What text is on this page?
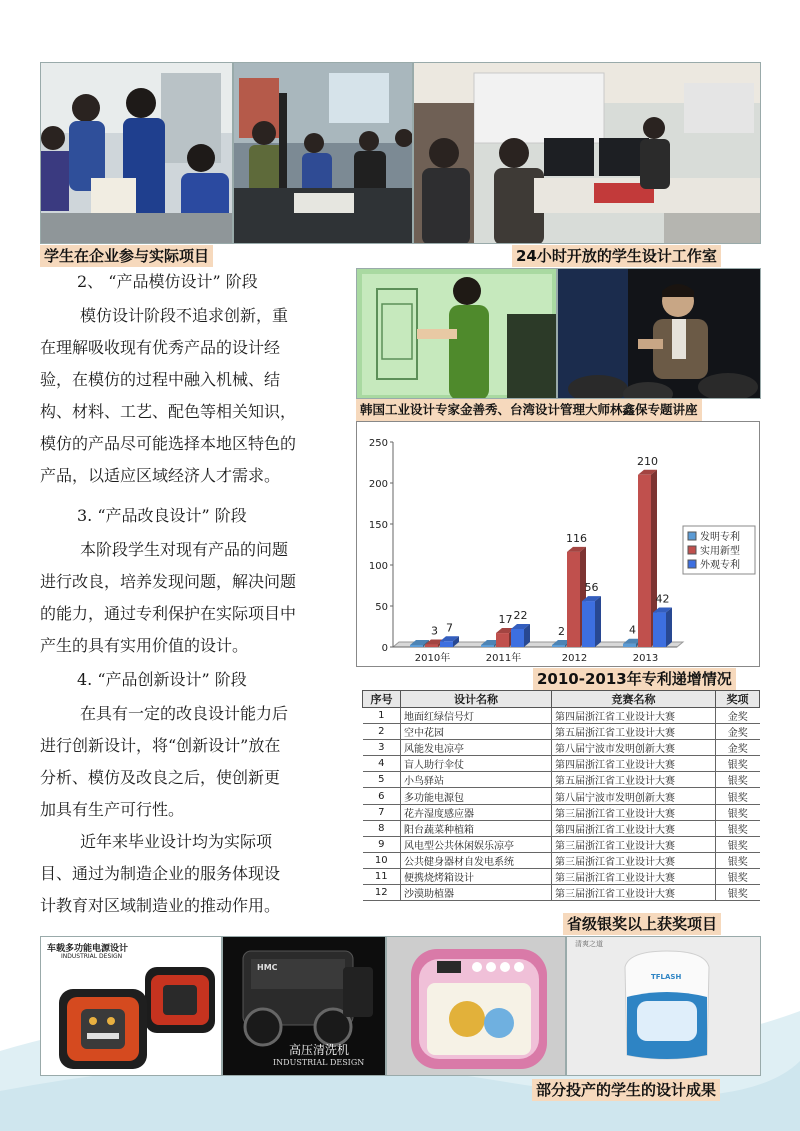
学生在企业参与实际项目	24小时开放的学生设计工作室
韩国工业设计专家金善秀、台湾设计管理大师林鑫保专题讲座
2、 “产品模仿设计” 阶段
模仿设计阶段不追求创新，重
在理解吸收现有优秀产品的设计经
验，在模仿的过程中融入机械、结
构、材料、工艺、配色等相关知识，
模仿的产品尽可能选择本地区特色的
产品，以适应区域经济人才需求。
3. “产品改良设计” 阶段
本阶段学生对现有产品的问题
进行改良，培养发现问题，解决问题
的能力，通过专利保护在实际项目中
产生的具有实用价值的设计。
4. “产品创新设计” 阶段
在具有一定的改良设计能力后
进行创新设计，将“创新设计”放在
分析、模仿及改良之后，使创新更
加具有生产可行性。
近年来毕业设计均为实际项
目、通过为制造企业的服务体现设
计教育对区域制造业的推动作用。
0
50
100
150
200
250
3 7
2010年
17 22
2011年
2
116
56
2012
4
210
42
2013
发明专利
实用新型
外观专利
2010-2013年专利递增情况
序号	设计名称	竞赛名称	奖项
1	地面红绿信号灯	第四届浙江省工业设计大赛	金奖
2	空中花园	第五届浙江省工业设计大赛	金奖
3	风能发电凉亭	第八届宁波市发明创新大赛	金奖
4	盲人助行伞仗	第四届浙江省工业设计大赛	银奖
5	小鸟驿站	第五届浙江省工业设计大赛	银奖
6	多功能电源包	第八届宁波市发明创新大赛	银奖
7	花卉湿度感应器	第三届浙江省工业设计大赛	银奖
8	阳台蔬菜种植箱	第四届浙江省工业设计大赛	银奖
9	风电型公共休闲娱乐凉亭	第三届浙江省工业设计大赛	银奖
10	公共健身器材自发电系统	第三届浙江省工业设计大赛	银奖
11	便携烧烤箱设计	第三届浙江省工业设计大赛	银奖
12	沙漠助植器	第三届浙江省工业设计大赛	银奖
省级银奖以上获奖项目
车载多功能电源设计
INDUSTRIAL DESIGN
HMC
高压清洗机
INDUSTRIAL DESIGN
清爽之道
TFLASH
部分投产的学生的设计成果
